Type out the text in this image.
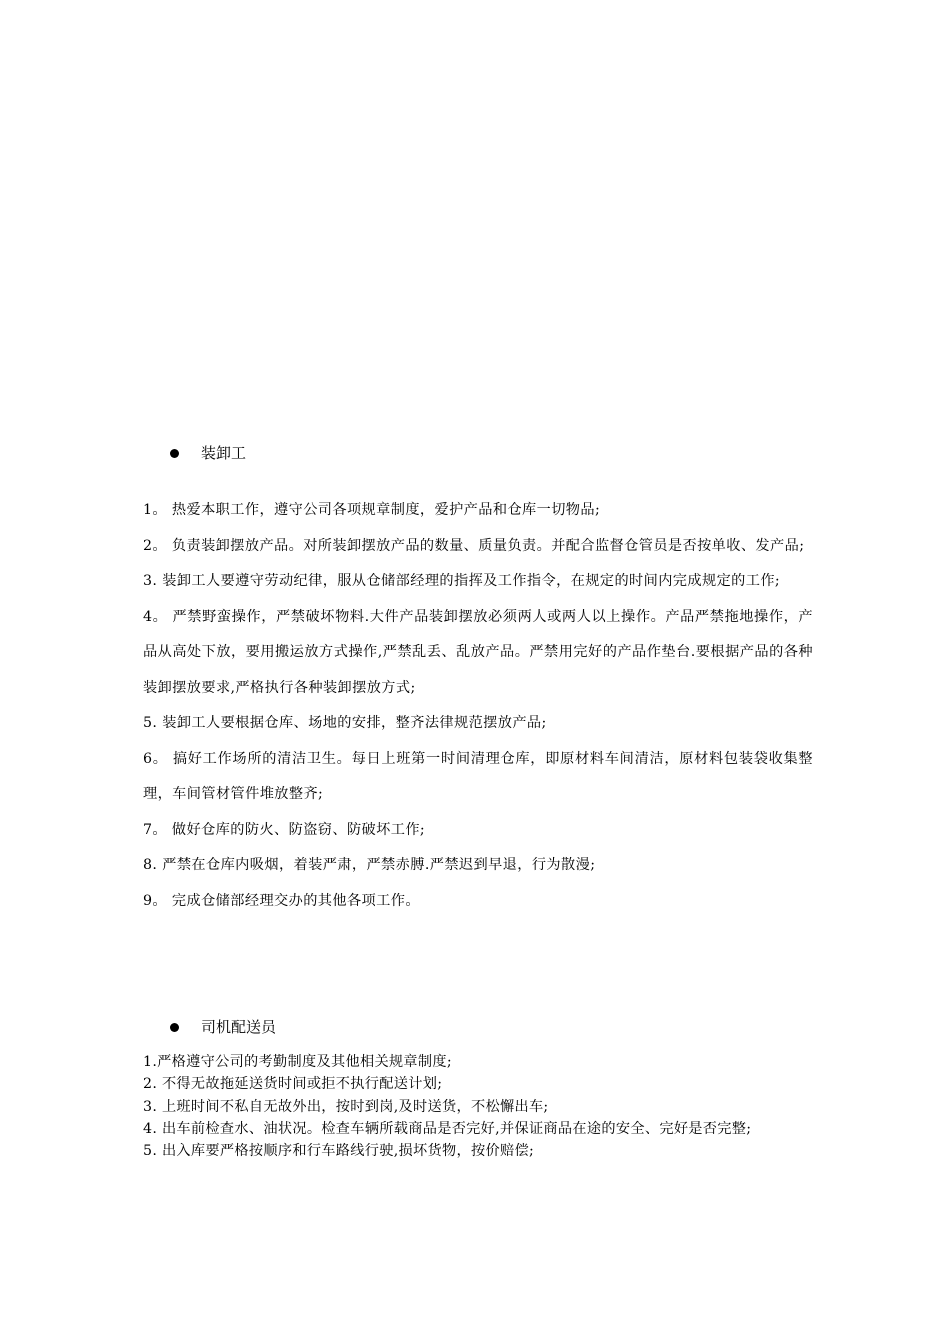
装卸工

1。 热爱本职工作，遵守公司各项规章制度，爱护产品和仓库一切物品;

2。 负责装卸摆放产品。对所装卸摆放产品的数量、质量负责。并配合监督仓管员是否按单收、发产品;

3. 装卸工人要遵守劳动纪律，服从仓储部经理的指挥及工作指令，在规定的时间内完成规定的工作;

4。 严禁野蛮操作，严禁破坏物料.大件产品装卸摆放必须两人或两人以上操作。产品严禁拖地操作，产品从高处下放，要用搬运放方式操作,严禁乱丢、乱放产品。严禁用完好的产品作垫台.要根据产品的各种装卸摆放要求,严格执行各种装卸摆放方式;

5. 装卸工人要根据仓库、场地的安排，整齐法律规范摆放产品;

6。 搞好工作场所的清洁卫生。每日上班第一时间清理仓库，即原材料车间清洁，原材料包装袋收集整理，车间管材管件堆放整齐;

7。 做好仓库的防火、防盗窃、防破坏工作;

8. 严禁在仓库内吸烟，着装严肃，严禁赤膊.严禁迟到早退，行为散漫;

9。 完成仓储部经理交办的其他各项工作。

司机配送员

1.严格遵守公司的考勤制度及其他相关规章制度;

2. 不得无故拖延送货时间或拒不执行配送计划;

3. 上班时间不私自无故外出，按时到岗,及时送货，不松懈出车;

4. 出车前检查水、油状况。检查车辆所载商品是否完好,并保证商品在途的安全、完好是否完整;

5. 出入库要严格按顺序和行车路线行驶,损坏货物，按价赔偿;
